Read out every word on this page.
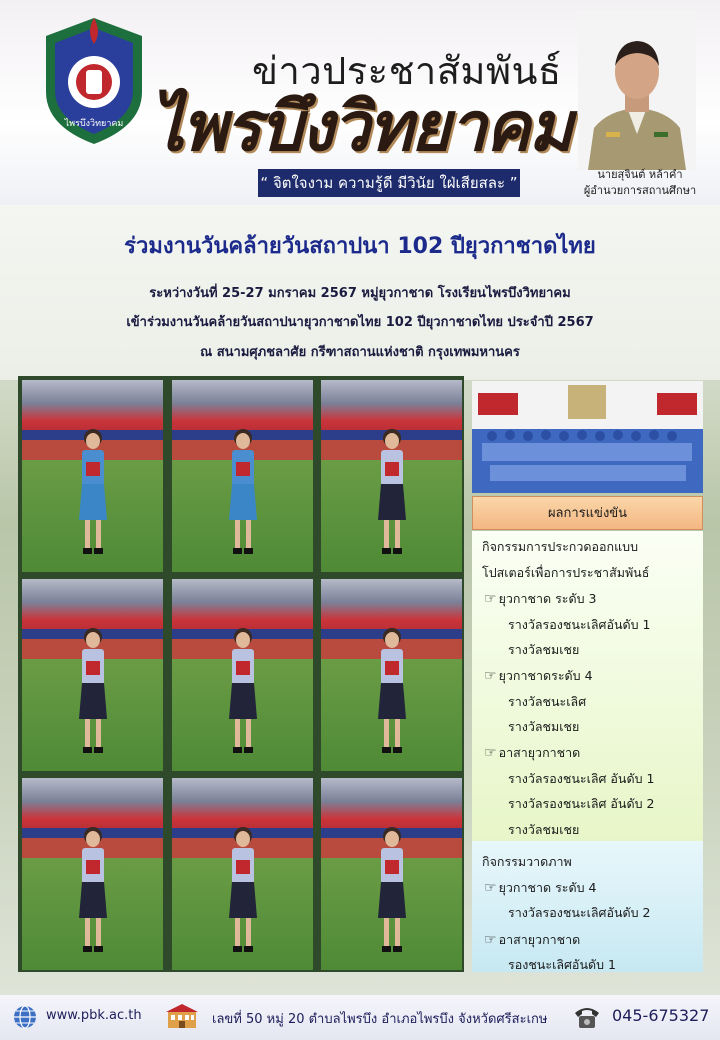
ไพรบึงวิทยาคม
ข่าวประชาสัมพันธ์
ไพรบึงวิทยาคม
“ จิตใจงาม ความรู้ดี มีวินัย ใฝ่เสียสละ ”	นายสุจินต์ หล้าคำ
ผู้อำนวยการสถานศึกษา
ร่วมงานวันคล้ายวันสถาปนา 102 ปียุวกาชาดไทย
ระหว่างวันที่ 25-27 มกราคม 2567 หมู่ยุวกาชาด โรงเรียนไพรบึงวิทยาคม
เข้าร่วมงานวันคล้ายวันสถาปนายุวกาชาดไทย 102 ปียุวกาชาดไทย ประจำปี 2567
ณ สนามศุภชลาศัย กรีฑาสถานแห่งชาติ กรุงเทพมหานคร
ผลการแข่งขัน
กิจกรรมการประกวดออกแบบ
โปสเตอร์เพื่อการประชาสัมพันธ์
☞ ยุวกาชาด ระดับ 3
รางวัลรองชนะเลิศอันดับ 1
รางวัลชมเชย
☞ ยุวกาชาดระดับ 4
รางวัลชนะเลิศ
รางวัลชมเชย
☞ อาสายุวกาชาด
รางวัลรองชนะเลิศ อันดับ 1
รางวัลรองชนะเลิศ อันดับ 2
รางวัลชมเชย
กิจกรรมวาดภาพ
☞ ยุวกาชาด ระดับ 4
รางวัลรองชนะเลิศอันดับ 2
☞ อาสายุวกาชาด
รองชนะเลิศอันดับ 1
www.pbk.ac.th	เลขที่ 50 หมู่ 20 ตำบลไพรบึง อำเภอไพรบึง จังหวัดศรีสะเกษ	045-675327
